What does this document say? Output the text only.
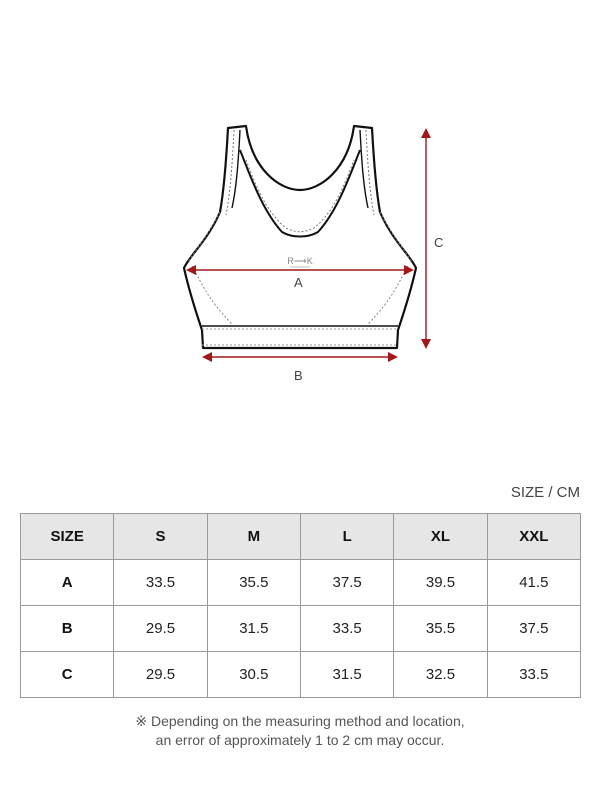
R⟶K
A
B
C
SIZE / CM
SIZE	S	M	L	XL	XXL
A	33.5	35.5	37.5	39.5	41.5
B	29.5	31.5	33.5	35.5	37.5
C	29.5	30.5	31.5	32.5	33.5
※ Depending on the measuring method and location,
an error of approximately 1 to 2 cm may occur.
